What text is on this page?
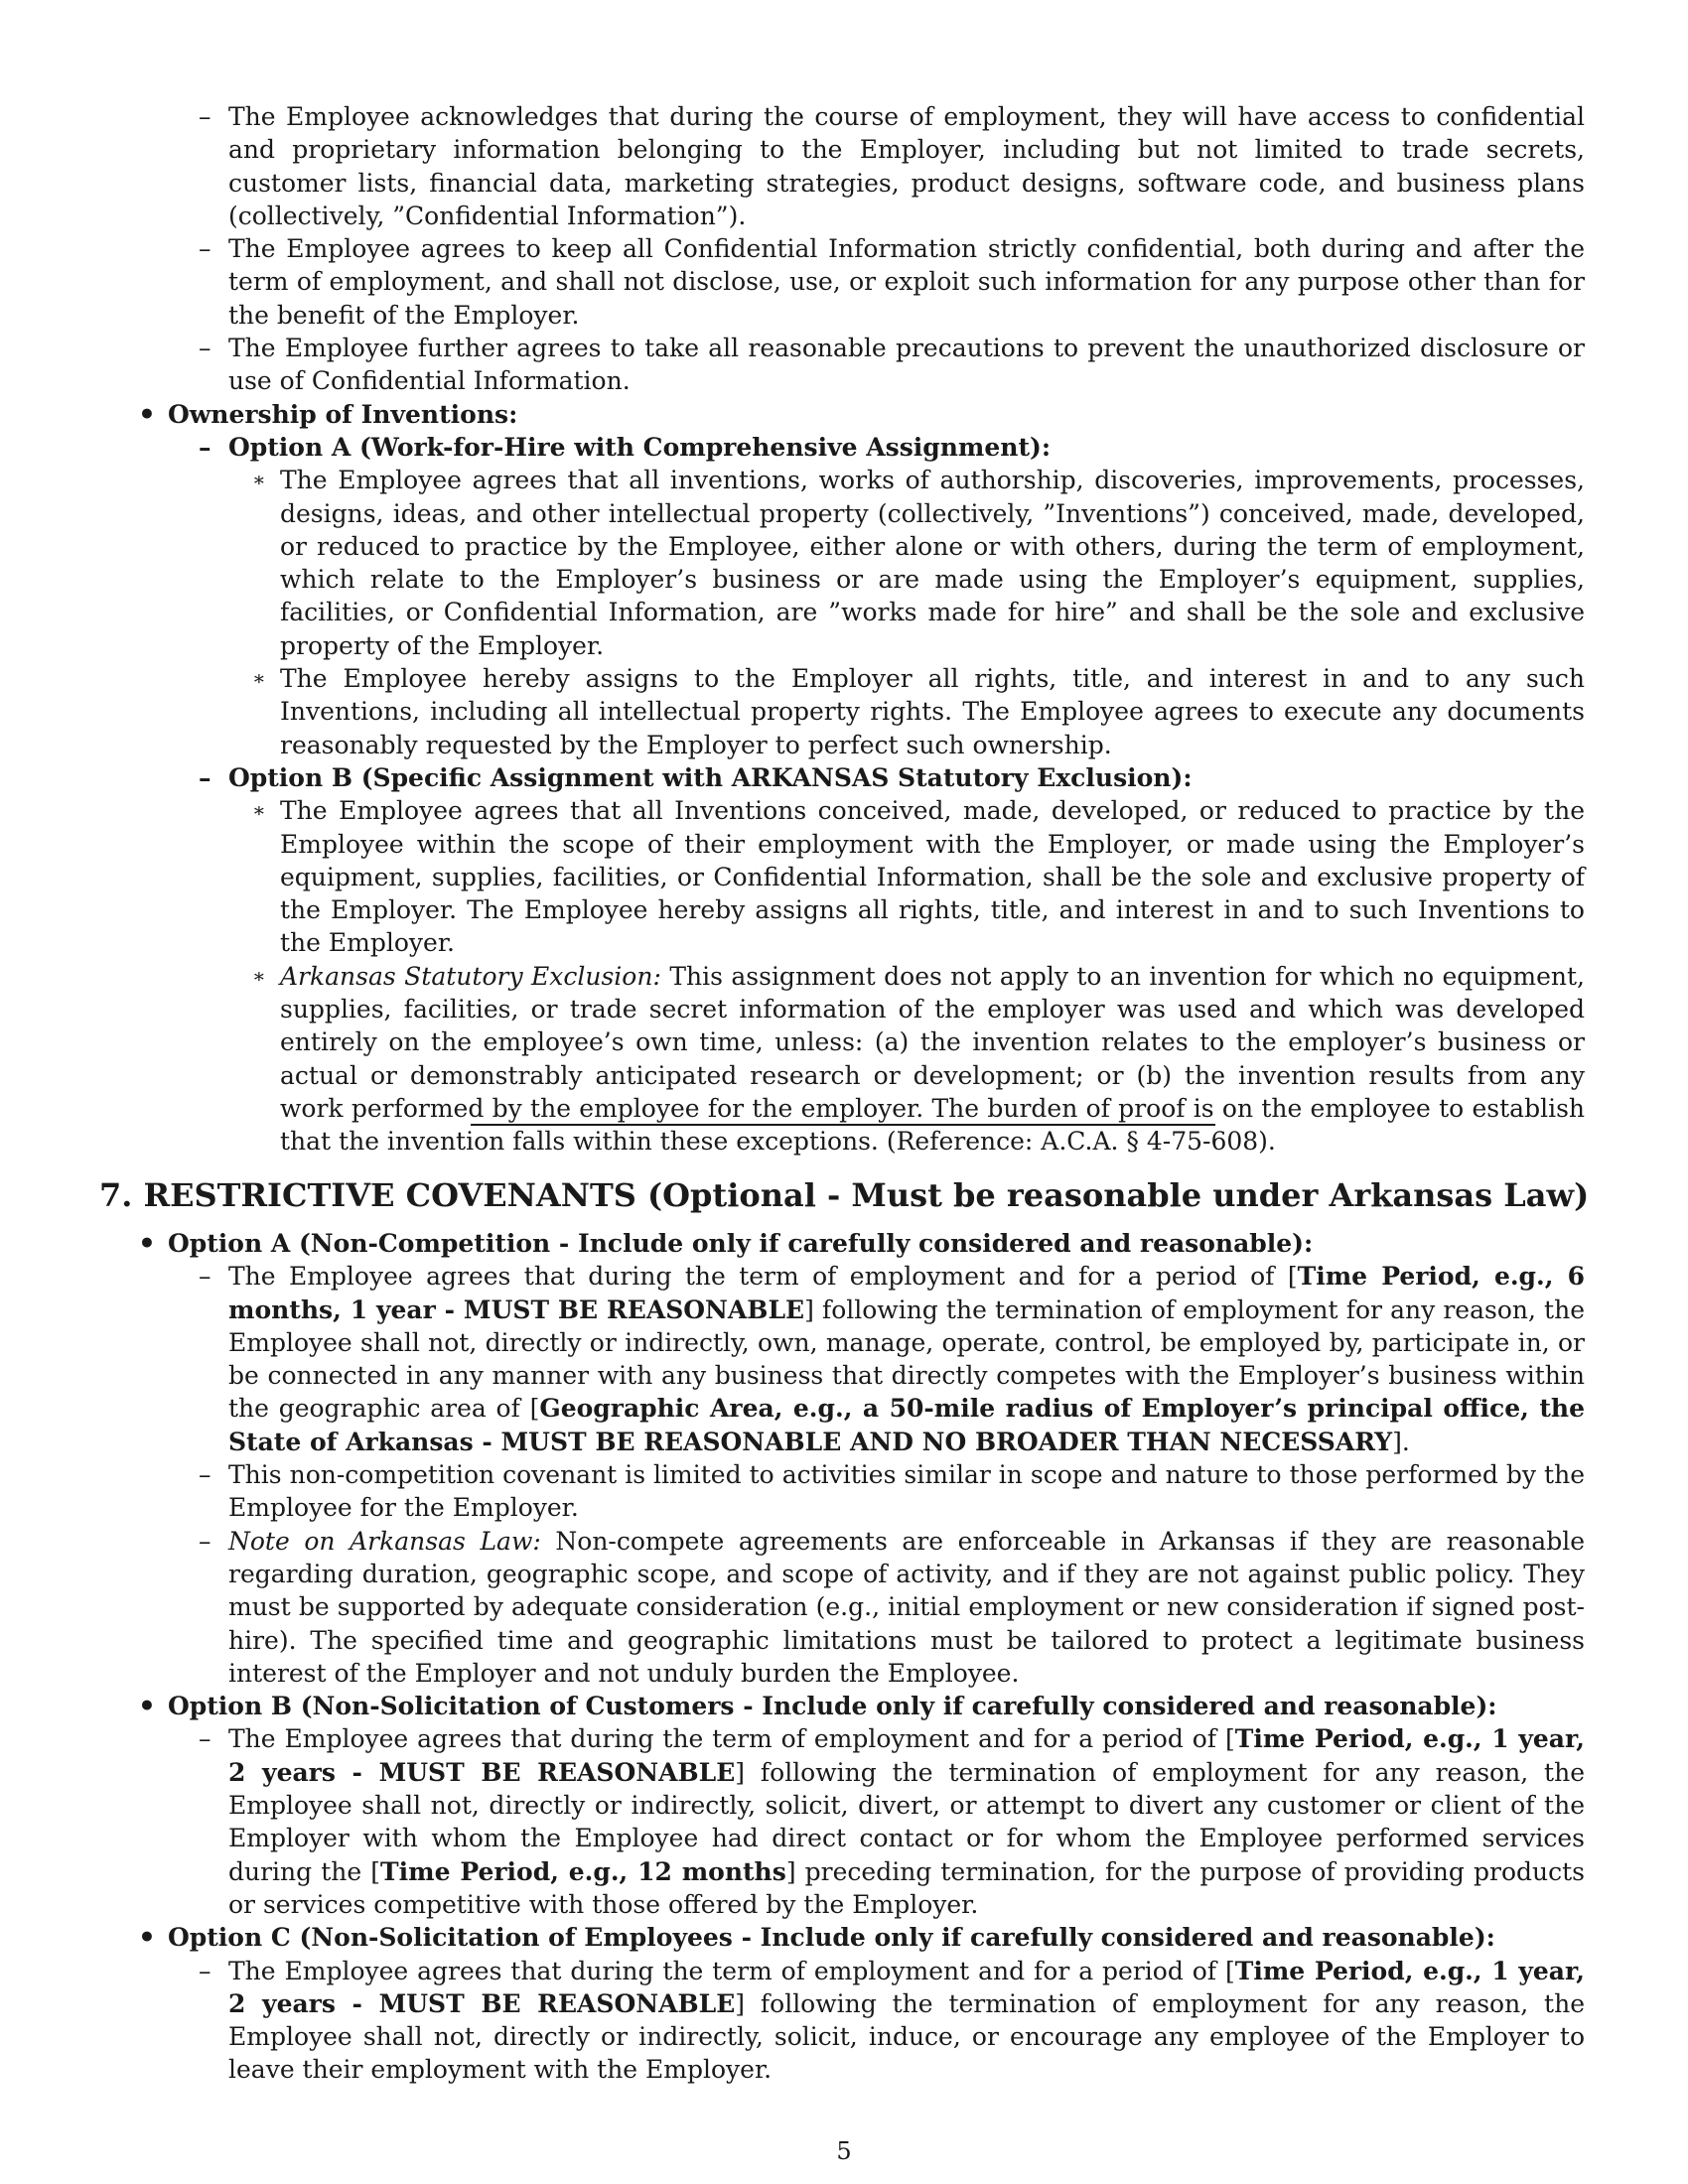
– The Employee acknowledges that during the course of employment, they will have access to confidential and proprietary information belonging to the Employer, including but not limited to trade secrets, customer lists, financial data, marketing strategies, product designs, software code, and business plans (collectively, ”Confidential Information”).
– The Employee agrees to keep all Confidential Information strictly confidential, both during and after the term of employment, and shall not disclose, use, or exploit such information for any purpose other than for the benefit of the Employer.
– The Employee further agrees to take all reasonable precautions to prevent the unauthorized disclosure or use of Confidential Information.
• Ownership of Inventions:
– Option A (Work-for-Hire with Comprehensive Assignment):
∗ The Employee agrees that all inventions, works of authorship, discoveries, improvements, processes, designs, ideas, and other intellectual property (collectively, ”Inventions”) conceived, made, developed, or reduced to practice by the Employee, either alone or with others, during the term of employment, which relate to the Employer’s business or are made using the Employer’s equipment, supplies, facilities, or Confidential Information, are ”works made for hire” and shall be the sole and exclusive property of the Employer.
∗ The Employee hereby assigns to the Employer all rights, title, and interest in and to any such Inventions, including all intellectual property rights. The Employee agrees to execute any documents reasonably requested by the Employer to perfect such ownership.
– Option B (Specific Assignment with ARKANSAS Statutory Exclusion):
∗ The Employee agrees that all Inventions conceived, made, developed, or reduced to practice by the Employee within the scope of their employment with the Employer, or made using the Employer’s equipment, supplies, facilities, or Confidential Information, shall be the sole and exclusive property of the Employer. The Employee hereby assigns all rights, title, and interest in and to such Inventions to the Employer.
∗ Arkansas Statutory Exclusion: This assignment does not apply to an invention for which no equipment, supplies, facilities, or trade secret information of the employer was used and which was developed entirely on the employee’s own time, unless: (a) the invention relates to the employer’s business or actual or demonstrably anticipated research or development; or (b) the invention results from any work performed by the employee for the employer. The burden of proof is on the employee to establish that the invention falls within these exceptions. (Reference: A.C.A. § 4-75-608).
7. RESTRICTIVE COVENANTS (Optional - Must be reasonable under Arkansas Law)
• Option A (Non-Competition - Include only if carefully considered and reasonable):
– The Employee agrees that during the term of employment and for a period of [Time Period, e.g., 6 months, 1 year - MUST BE REASONABLE] following the termination of employment for any reason, the Employee shall not, directly or indirectly, own, manage, operate, control, be employed by, participate in, or be connected in any manner with any business that directly competes with the Employer’s business within the geographic area of [Geographic Area, e.g., a 50-mile radius of Employer’s principal office, the State of Arkansas - MUST BE REASONABLE AND NO BROADER THAN NECESSARY].
– This non-competition covenant is limited to activities similar in scope and nature to those performed by the Employee for the Employer.
– Note on Arkansas Law: Non-compete agreements are enforceable in Arkansas if they are reasonable regarding duration, geographic scope, and scope of activity, and if they are not against public policy. They must be supported by adequate consideration (e.g., initial employment or new consideration if signed post-hire). The specified time and geographic limitations must be tailored to protect a legitimate business interest of the Employer and not unduly burden the Employee.
• Option B (Non-Solicitation of Customers - Include only if carefully considered and reasonable):
– The Employee agrees that during the term of employment and for a period of [Time Period, e.g., 1 year, 2 years - MUST BE REASONABLE] following the termination of employment for any reason, the Employee shall not, directly or indirectly, solicit, divert, or attempt to divert any customer or client of the Employer with whom the Employee had direct contact or for whom the Employee performed services during the [Time Period, e.g., 12 months] preceding termination, for the purpose of providing products or services competitive with those offered by the Employer.
• Option C (Non-Solicitation of Employees - Include only if carefully considered and reasonable):
– The Employee agrees that during the term of employment and for a period of [Time Period, e.g., 1 year, 2 years - MUST BE REASONABLE] following the termination of employment for any reason, the Employee shall not, directly or indirectly, solicit, induce, or encourage any employee of the Employer to leave their employment with the Employer.
5
